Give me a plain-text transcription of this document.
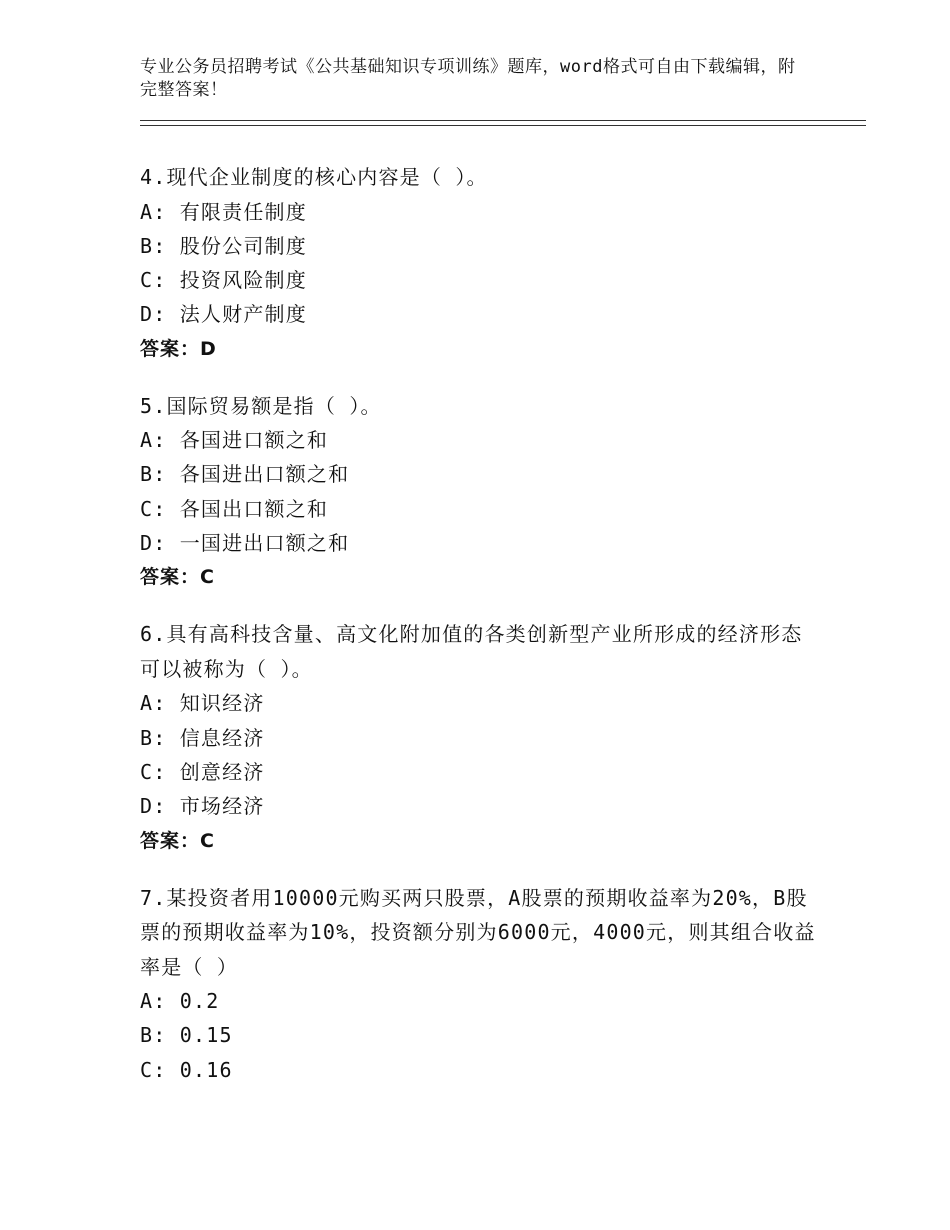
专业公务员招聘考试《公共基础知识专项训练》题库，word格式可自由下载编辑，附完整答案！
4.现代企业制度的核心内容是（ ）。
A: 有限责任制度
B: 股份公司制度
C: 投资风险制度
D: 法人财产制度
答案：D
5.国际贸易额是指（ ）。
A: 各国进口额之和
B: 各国进出口额之和
C: 各国出口额之和
D: 一国进出口额之和
答案：C
6.具有高科技含量、高文化附加值的各类创新型产业所形成的经济形态可以被称为（ ）。
A: 知识经济
B: 信息经济
C: 创意经济
D: 市场经济
答案：C
7.某投资者用10000元购买两只股票，A股票的预期收益率为20%，B股票的预期收益率为10%，投资额分别为6000元，4000元，则其组合收益率是（ ）
A: 0.2
B: 0.15
C: 0.16
